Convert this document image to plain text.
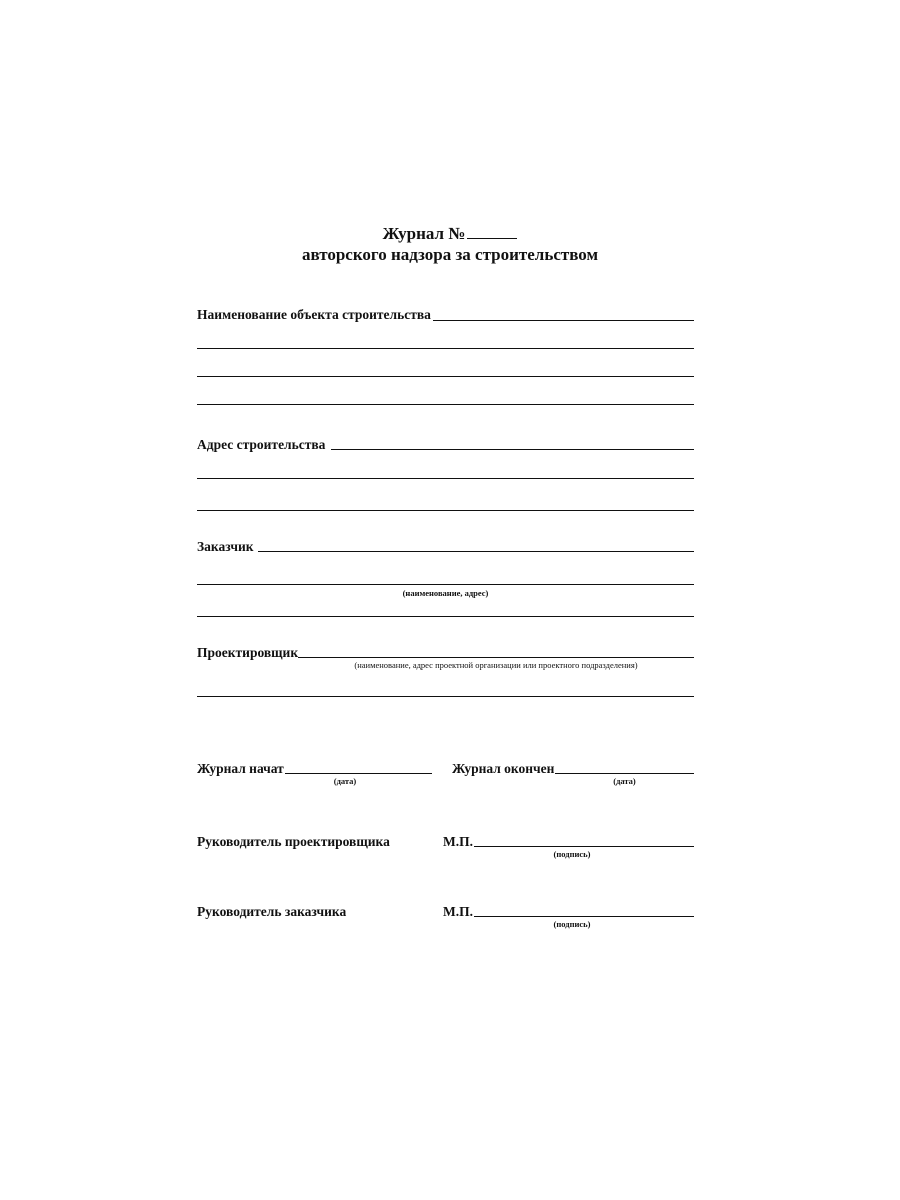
Журнал №
авторского надзора за строительством
Наименование объекта строительства
Адрес строительства
Заказчик
(наименование, адрес)
Проектировщик
(наименование, адрес проектной организации или проектного подразделения)
Журнал начат
(дата)
Журнал окончен
(дата)
Руководитель проектировщика	М.П.
(подпись)
Руководитель заказчика	М.П.
(подпись)
